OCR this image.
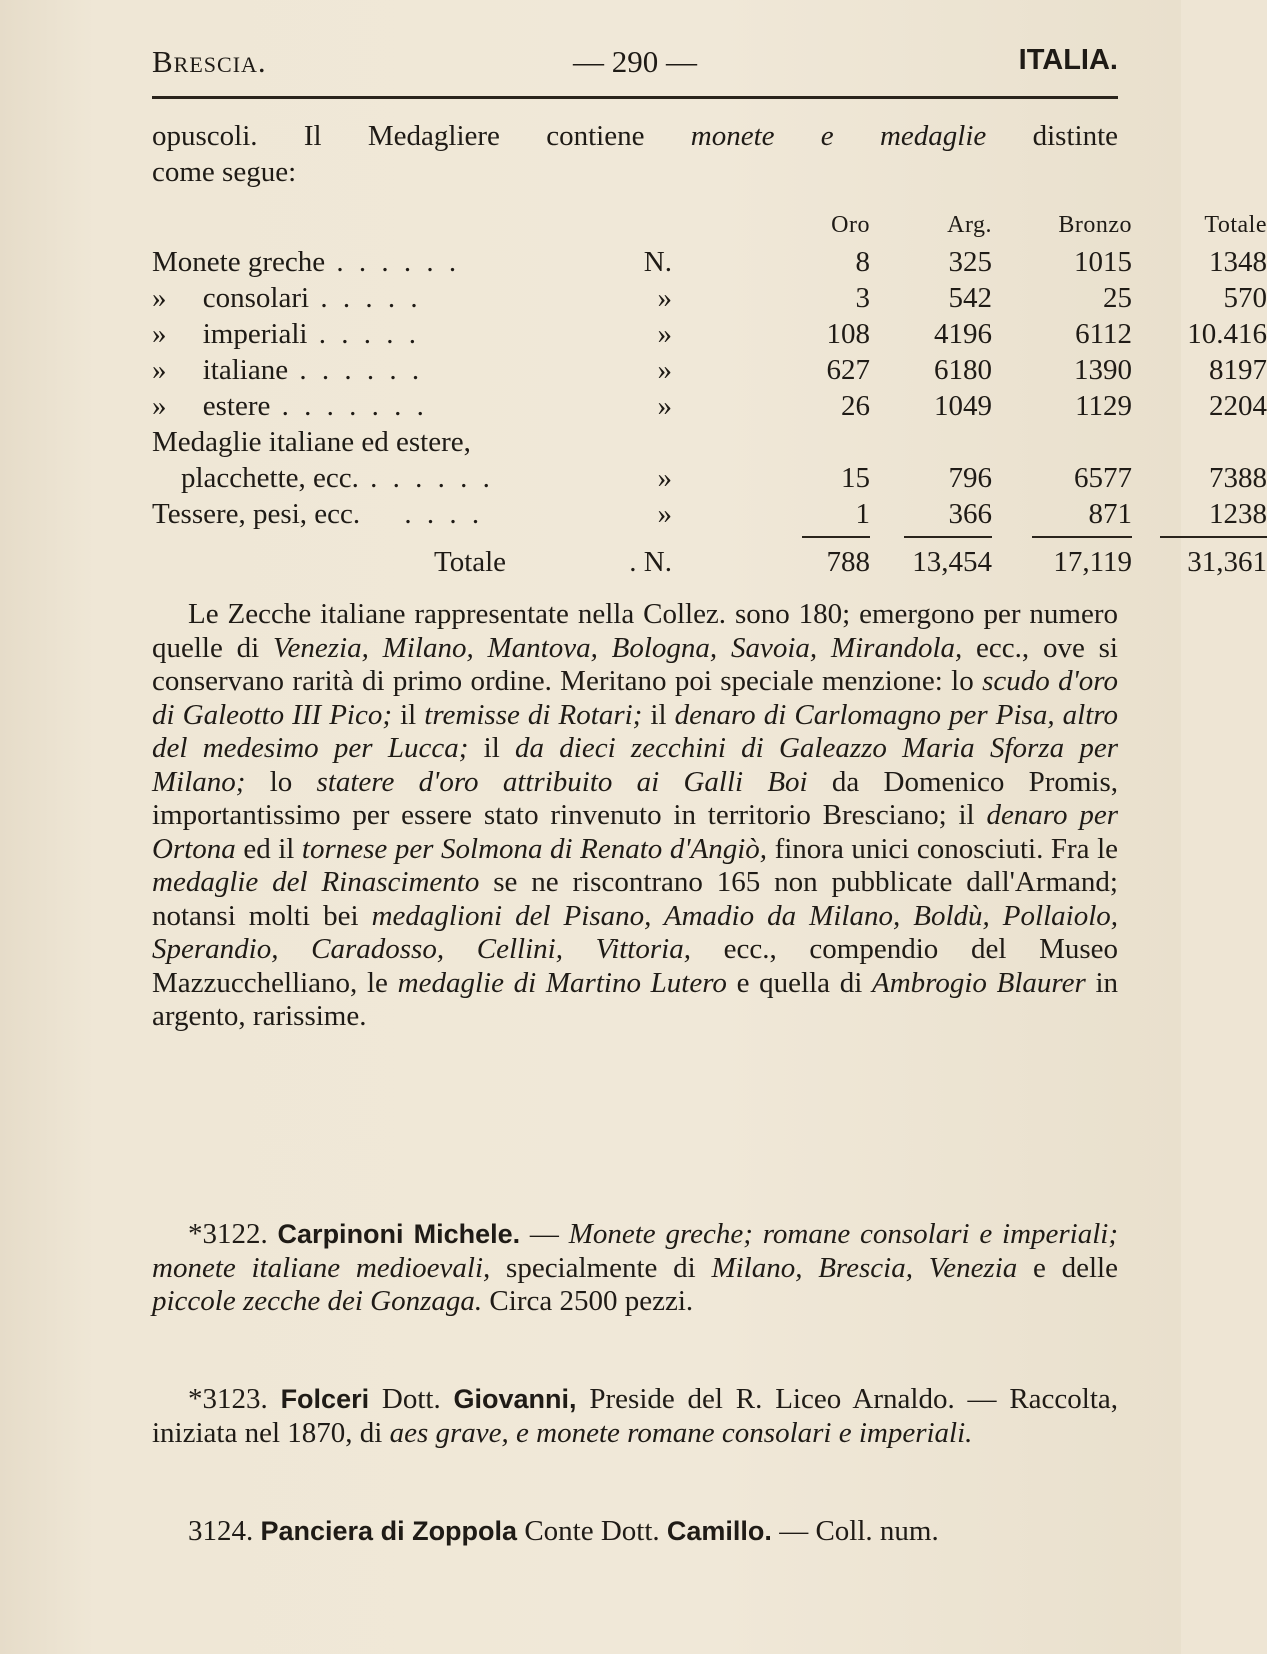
Brescia.	— 290 —	ITALIA.
opuscoli. Il Medagliere contiene monete e medaglie distinte
come segue:
Oro	Arg.	Bronzo	Totale
Monete greche . . . . . .	N.	8	325	1015	1348
»  consolari . . . . .	»	3	542	25	570
»  imperiali . . . . .	»	108	4196	6112	10.416
»  italiane . . . . . .	»	627	6180	1390	8197
»  estere . . . . . . .	»	26	1049	1129	2204
Medaglie italiane ed estere,
 placchette, ecc. . . . . . .	»	15	796	6577	7388
Tessere, pesi, ecc.  . . . .	»	1	366	871	1238
Totale	. N.	788	13,454	17,119	31,361
Le Zecche italiane rappresentate nella Collez. sono 180; emergono per numero quelle di Venezia, Milano, Mantova, Bologna, Savoia, Mirandola, ecc., ove si conservano rarità di primo ordine. Meritano poi speciale menzione: lo scudo d'oro di Galeotto III Pico; il tremisse di Rotari; il denaro di Carlomagno per Pisa, altro del medesimo per Lucca; il da dieci zecchini di Galeazzo Maria Sforza per Milano; lo statere d'oro attribuito ai Galli Boi da Domenico Promis, importantissimo per essere stato rinvenuto in territorio Bresciano; il denaro per Ortona ed il tornese per Solmona di Renato d'Angiò, finora unici conosciuti. Fra le medaglie del Rinascimento se ne riscontrano 165 non pubblicate dall'Armand; notansi molti bei medaglioni del Pisano, Amadio da Milano, Boldù, Pollaiolo, Sperandio, Caradosso, Cellini, Vittoria, ecc., compendio del Museo Mazzucchelliano, le medaglie di Martino Lutero e quella di Ambrogio Blaurer in argento, rarissime.
*3122. Carpinoni Michele. — Monete greche; romane consolari e imperiali; monete italiane medioevali, specialmente di Milano, Brescia, Venezia e delle piccole zecche dei Gonzaga. Circa 2500 pezzi.
*3123. Folceri Dott. Giovanni, Preside del R. Liceo Arnaldo. — Raccolta, iniziata nel 1870, di aes grave, e monete romane consolari e imperiali.
3124. Panciera di Zoppola Conte Dott. Camillo. — Coll. num.
